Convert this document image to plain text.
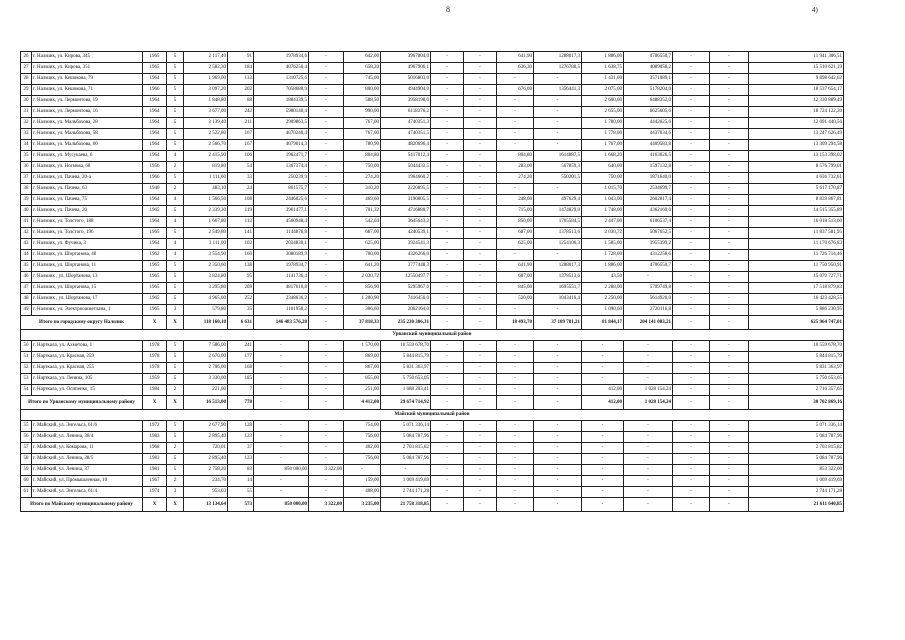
8	4)
26	г. Нальчик, ул. Кирова, 345	1965	5	2 117,40	91	1978934,6	-	642,00	3967804,0	-	-	641,90	1288017,3	1 886,00	4706550,7	-	-	11 941 306,51
27	г. Нальчик, ул. Кирова, 351	1965	5	2 582,30	184	4076256,4	-	658,20	4967906,1	-	-	636,30	1276780,5	1 638,75	4089058,2	-	-	15 510 621,19
28	г. Нальчик, ул. Кешокова, 79	1964	5	1 969,00	132	1310725,6	-	745,00	5016803,0	-	-	-	-	1 431,00	3571089,1	-	-	9 898 642,62
29	г. Нальчик, ул. Кешокова, 71	1966	5	3 097,20	202	7058680,9	-	800,00	4944904,0	-	-	676,00	1356441,3	2 075,00	5178204,0	-	-	18 537 654,17
30	г. Нальчик, ул. Лермонтова, 19	1964	5	1 848,80	88	1884339,5	-	588,50	3958198,0	-	-	-	-	2 600,00	6488352,0	-	-	12 330 889,49
31	г. Нальчик, ул. Лермонтова, 16	1964	5	3 677,00	242	5980140,4	-	990,00	6118376,2	-	-	-	-	2 655,00	6625605,6	-	-	18 724 122,20
32	г. Нальчик, ул. Мальбахова, 28	1964	5	3 139,40	211	2909863,5	-	767,00	4740351,3	-	-	-	-	1 780,00	4442025,6	-	-	12 091 440,56
33	г. Нальчик, ул. Мальбахова, 58	1964	5	2 522,80	167	4070240,4	-	767,00	4740351,5	-	-	-	-	1 778,00	4437034,6	-	-	13 247 626,49
34	г. Нальчик, ул. Мальбахова, 60	1964	5	2 566,70	167	4079014,3	-	780,90	4820696,4	-	-	-	-	1 767,00	4409583,8	-	-	13 309 294,58
35	г. Нальчик, ул. Мусукаева, 6	1964	4	2 415,90	106	1962471,7	-	804,80	5417012,4	-	-	804,80	1614887,5	1 668,20	4163026,5	-	-	13 153 398,02
36	г. Нальчик, ул. Ногмова, 68	1956	2	819,80	54	1367374,4	-	750,00	5044432,5	-	-	283,00	567859,3	640,00	1597132,8	-	-	8 576 799,01
37	г. Нальчик, ул. Пачева, 20-а	1966	5	1 111,60	33	250239,9	-	274,20	1964660,2	-	-	274,20	550201,5	750,00	1871640,0	-	-	4 636 732,61
38	г. Нальчик, ул. Пачева, 63	1940	2	483,10	24	861575,7	-	310,20	2220895,5	-	-	-	-	1 015,70	2534699,7	-	-	5 617 170,87
39	г. Нальчик, ул. Пачева, 75	1964	4	1 566,50	108	2446025,6	-	469,60	3190005,5	-	-	248,00	497629,4	1 043,00	2602817,4	-	-	8 839 867,81
40	г. Нальчик, ул. Пачева, 20	1965	5	2 339,30	119	3961477,1	-	701,32	4716880,7	-	-	715,00	1474829,0	1 748,00	4362169,0	-	-	14 515 355,89
41	г. Нальчик, ул. Толстого, 188	1964	4	1 667,80	112	4560948,4	-	542,04	3645643,2	-	-	850,00	1705584,5	2 447,00	6106537,4	-	-	16 018 513,60
42	г. Нальчик, ул. Толстого, 196	1965	5	2 549,80	141	1144876,8	-	687,00	4240539,1	-	-	687,00	1378513,6	2 030,72	5067652,5	-	-	11 837 581,95
43	г. Нальчик, ул. Фучика, 3	1964	4	3 111,00	102	2034830,1	-	625,00	3924541,3	-	-	625,00	1254106,3	1 585,00	3955399,2	-	-	11 170 676,83
44	г. Нальчик, ул. Шортанова, 40	1962	4	3 554,90	160	3080189,9	-	760,00	4326266,0	-	-	-	-	1 728,00	4312258,6	-	-	11 726 714,46
45	г. Нальчик, ул. Шортанова, 11	1965	5	2 350,60	138	1978934,7	-	641,20	3777448,3	-	-	641,90	1288017,3	1 886,00	4706550,7	-	-	11 750 950,91
46	г. Нальчик , ул. Шортанова, 13	1965	5	3 824,80	95	1141736,4	-	2 030,72	12550497,7	-	-	687,00	1378513,6	43,50	-	-	-	15 070 727,71
47	г. Нальчик, ул. Шортанова, 15	1965	5	3 295,80	209	4817610,8	-	856,90	5295967,6	-	-	845,00	1695551,7	2 288,00	5709749,8	-	-	17 518 879,83
48	г. Нальчик , ул. Шортанова, 17	1965	5	4 965,00	252	2348636,2	-	1 200,90	7416456,0	-	-	520,00	1043416,4	2 250,00	5614920,0	-	-	16 423 428,55
49	г. Нальчик, ул. Электрооасветлана, 1	1965	3	579,80	35	1101950,2	-	306,60	2062164,0	-	-	-	-	1 090,60	2720116,8	-	-	5 886 230,95
Итого по городскому округу Нальчик		X	X	118 160,10	6 631	146 483 576,28	-	37 818,33	235 230 306,31	-	-	18 493,70	37 109 781,21	81 844,17	204 141 083,21	-	-	625 964 747,01
Урванский муниципальный район																		
50	г. Нарткала, ул. Ахметова, 1	1978	5	7 586,00	241	-	-	1 570,00	10 559 678,70	-	-	-	-	-	-	-	-	10 559 678,70
51	г. Нарткала, ул. Красная, 259	1978	5	2 670,00	177	-	-	869,00	5 844 815,79	-	-	-	-	-	-	-	-	5 844 815,79
52	г. Нарткала, ул. Красная, 255	1978	5	2 706,00	168	-	-	867,00	5 831 363,97	-	-	-	-	-	-	-	-	5 831 363,97
53	г. Нарткала, ул. Ленина, 105	1959	5	3 330,00	185	-	-	855,00	5 750 653,05	-	-	-	-	-	-	-	-	5 750 653,05
54	г. Нарткала, ул. Осипенко, 15	1984	2	221,00	7	-	-	251,00	1 688 203,41	-	-	-	-	412,00	1 028 154,24	-	-	2 716 357,65
Итого по Урванскому муниципальному району		X	X	16 513,00	778	-	-	4 412,00	29 674 714,92	-	-	-	-	412,00	1 028 154,24	-	-	30 702 869,16
Майский муниципальный район																		
55	г. Майский, ул. Энгельса, 61/6	1972	5	2 677,90	128	-	-	754,00	5 071 336,14	-	-	-	-	-	-	-	-	5 071 336,14
56	г. Майский, ул. Ленина, 38/4	1983	5	2 895,40	123	-	-	756,00	5 084 787,96	-	-	-	-	-	-	-	-	5 084 787,96
57	г. Майский, ул. Комарова, 11	1968	2	720,01	37	-	-	402,00	2 703 815,82	-	-	-	-	-	-	-	-	2 703 815,82
58	г. Майский, ул. Ленина, 38/5	1983	5	2 895,40	123	-	-	756,00	5 084 787,96	-	-	-	-	-	-	-	-	5 084 787,96
59	г. Майский, ул. Ленина, 37	1981	5	2 758,20	83	850 000,00	3 322,00	-	-	-	-	-	-	-	-	-	-	853 322,00
60	г. Майский, ул. Промышленная, 10	1967	2	234,70	14	-	-	159,00	1 069 419,69	-	-	-	-	-	-	-	-	1 069 419,69
61	г. Майский, ул. Энгельса, 61/4	1974	3	953,03	55	-	-	408,00	2 744 171,28	-	-	-	-	-	-	-	-	2 744 171,28
Итого по Майскому муниципальному району		X	X	13 134,64	573	850 000,00	3 322,00	3 235,00	21 758 318,85	-	-	-	-	-	-	-	-	21 611 640,85
